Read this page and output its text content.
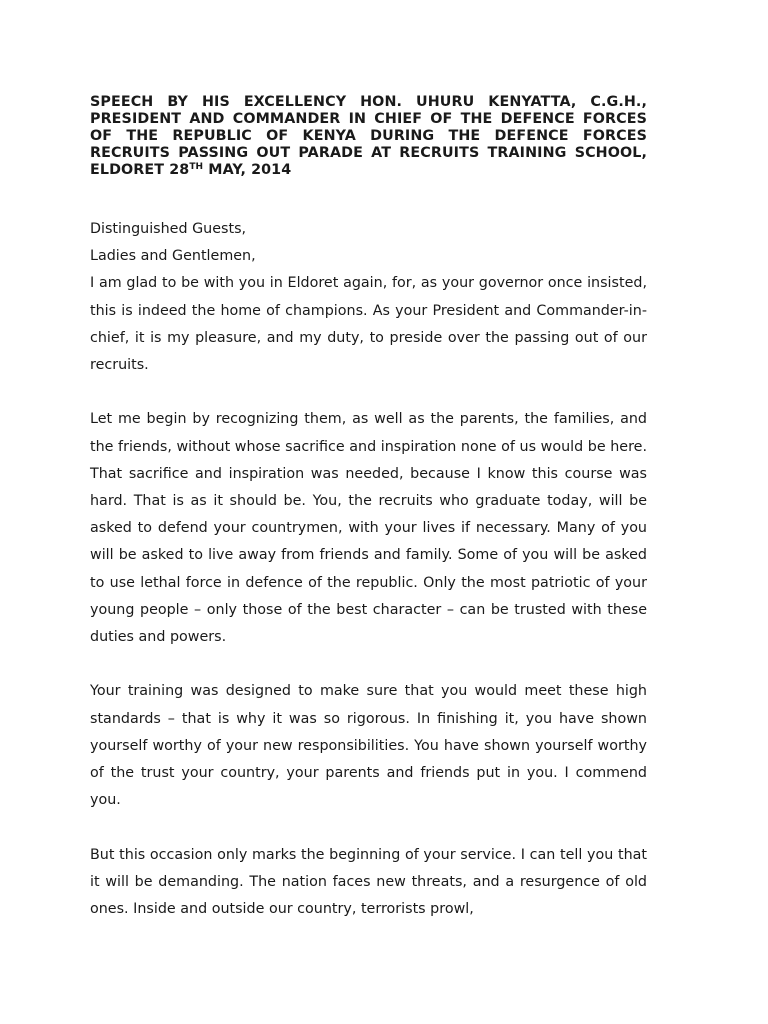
SPEECH BY HIS EXCELLENCY HON. UHURU KENYATTA, C.G.H., PRESIDENT AND COMMANDER IN CHIEF OF THE DEFENCE FORCES OF THE REPUBLIC OF KENYA DURING THE DEFENCE FORCES RECRUITS PASSING OUT PARADE AT RECRUITS TRAINING SCHOOL, ELDORET 28TH MAY, 2014

Distinguished Guests,

Ladies and Gentlemen,

I am glad to be with you in Eldoret again, for, as your governor once insisted, this is indeed the home of champions. As your President and Commander-in-chief, it is my pleasure, and my duty, to preside over the passing out of our recruits.

Let me begin by recognizing them, as well as the parents, the families, and the friends, without whose sacrifice and inspiration none of us would be here. That sacrifice and inspiration was needed, because I know this course was hard. That is as it should be. You, the recruits who graduate today, will be asked to defend your countrymen, with your lives if necessary. Many of you will be asked to live away from friends and family. Some of you will be asked to use lethal force in defence of the republic. Only the most patriotic of your young people – only those of the best character – can be trusted with these duties and powers.

Your training was designed to make sure that you would meet these high standards – that is why it was so rigorous. In finishing it, you have shown yourself worthy of your new responsibilities. You have shown yourself worthy of the trust your country, your parents and friends put in you. I commend you.

But this occasion only marks the beginning of your service. I can tell you that it will be demanding. The nation faces new threats, and a resurgence of old ones. Inside and outside our country, terrorists prowl,
